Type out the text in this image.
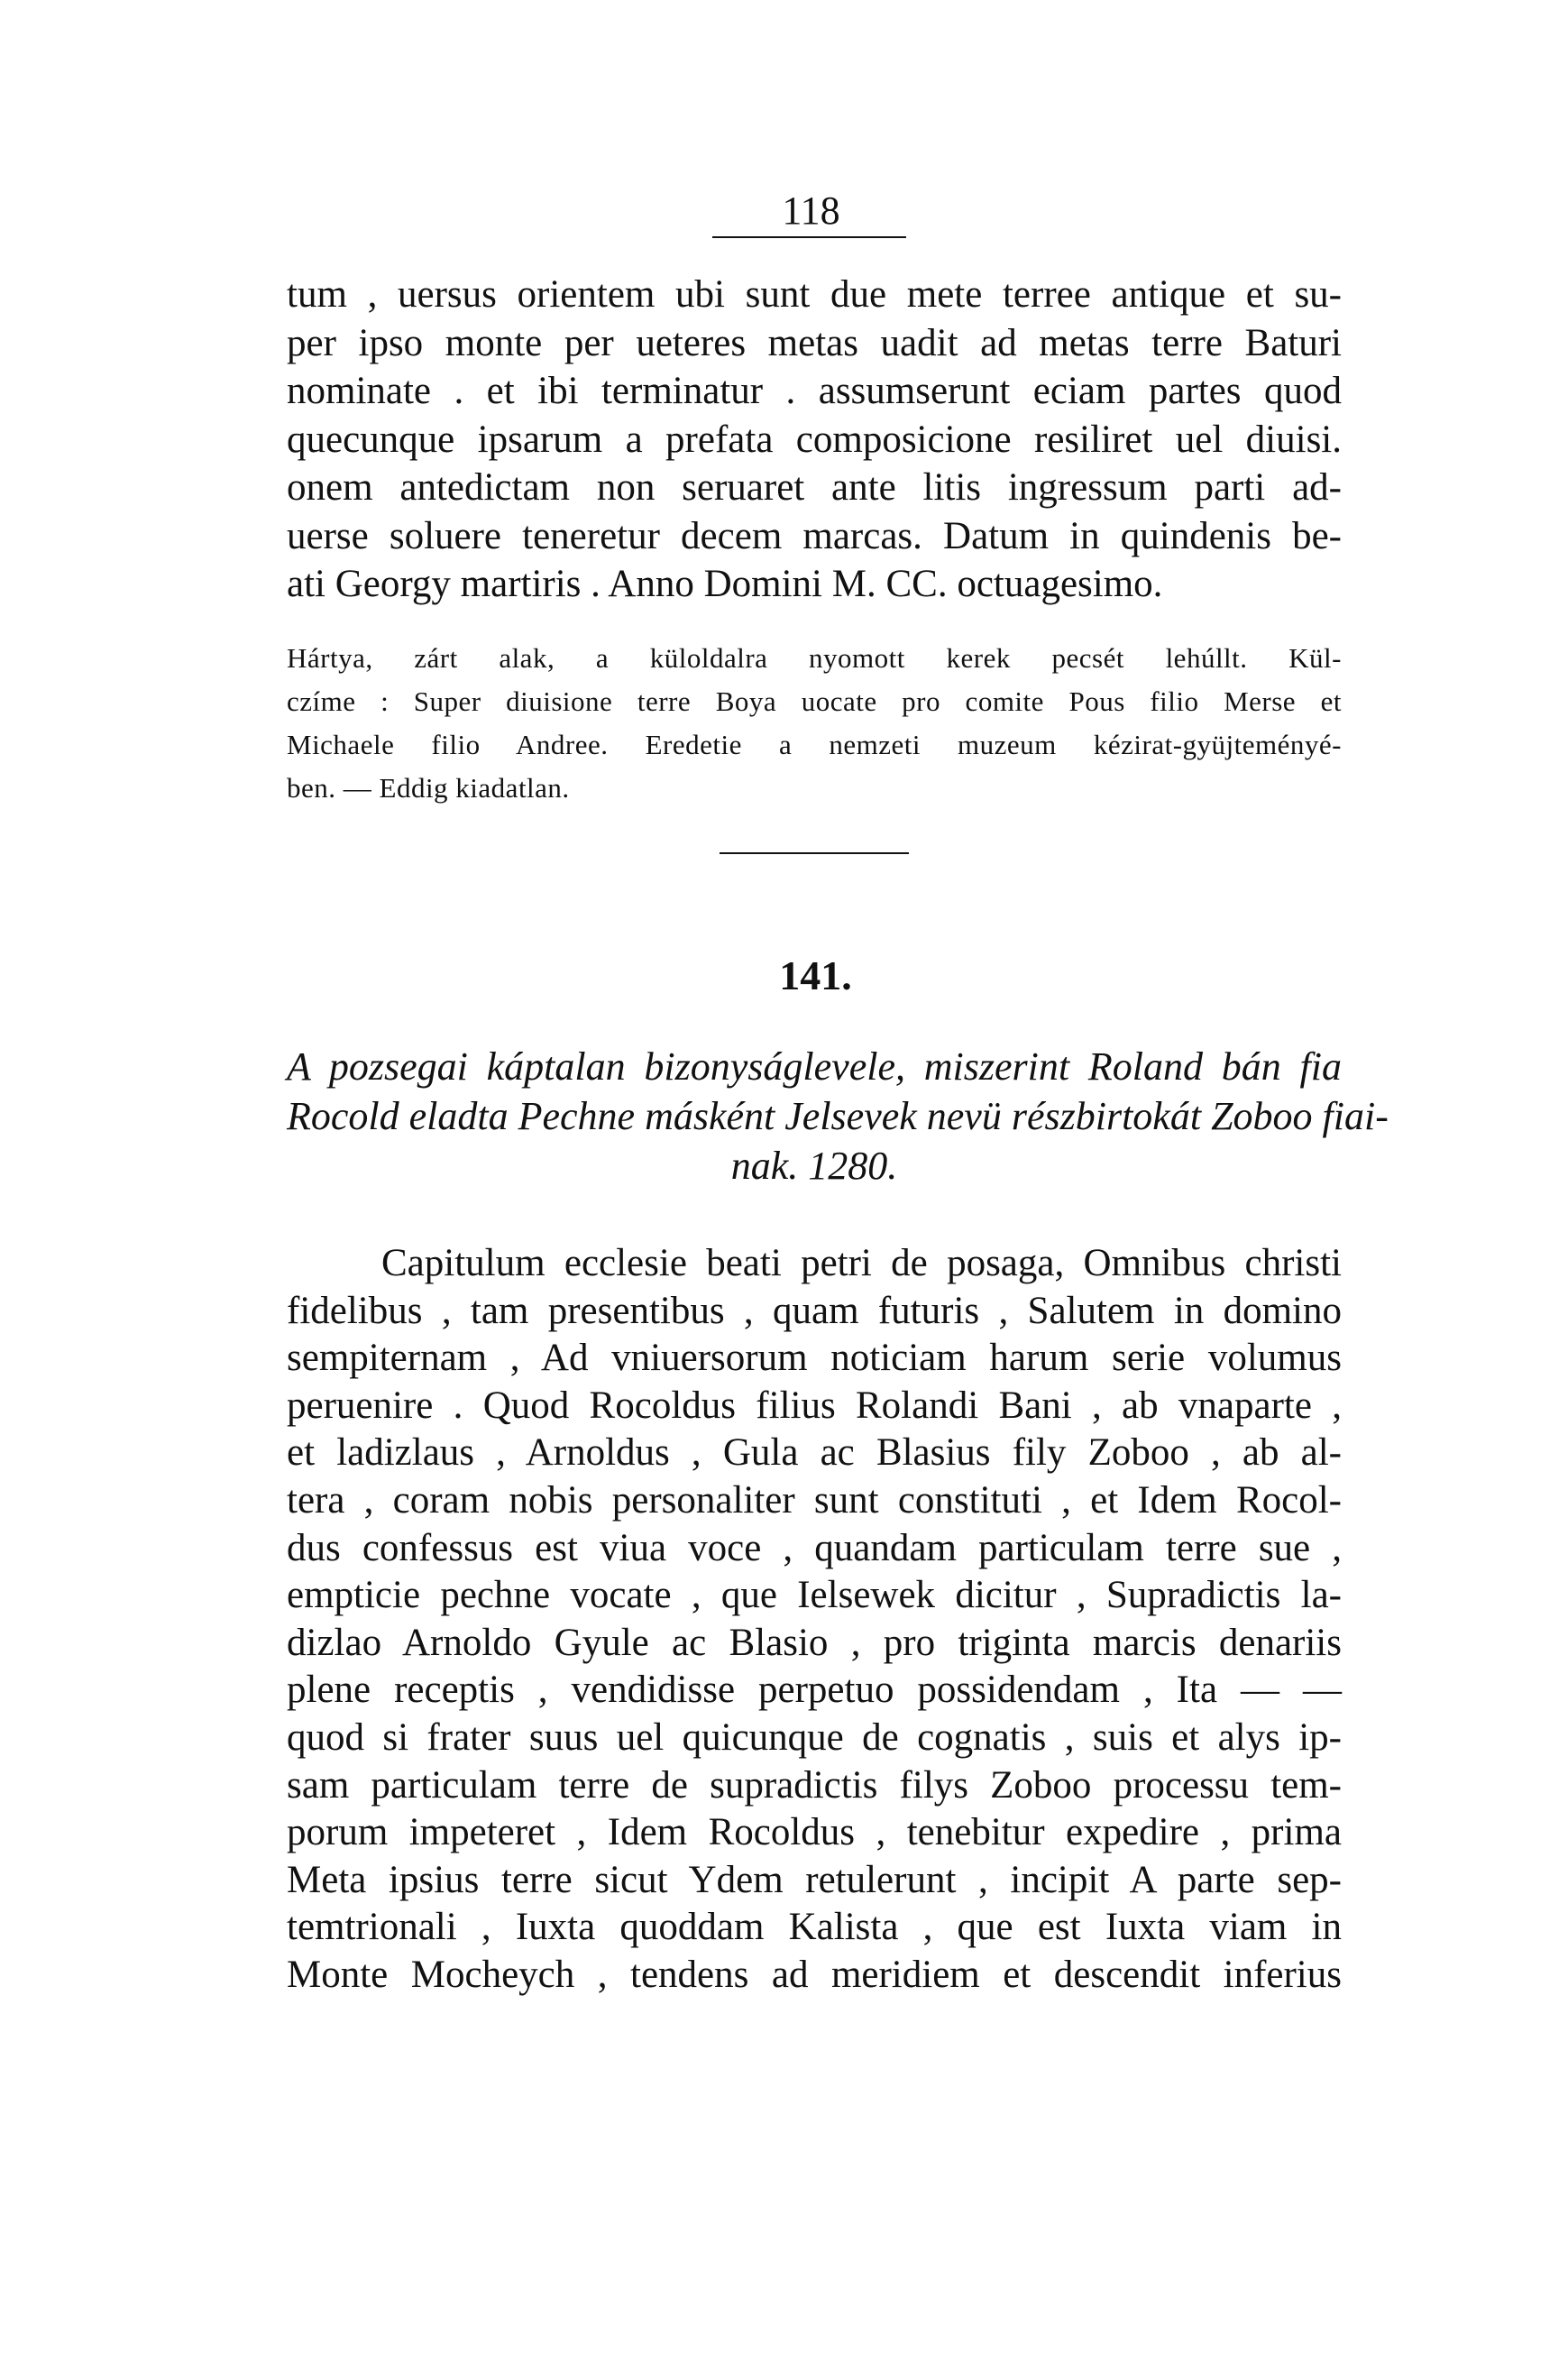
118
tum , uersus orientem ubi sunt due mete terree antique et su-
per ipso monte per ueteres metas uadit ad metas terre Baturi
nominate . et ibi terminatur . assumserunt eciam partes quod
quecunque ipsarum a prefata composicione resiliret uel diuisi.
onem antedictam non seruaret ante litis ingressum parti ad-
uerse soluere teneretur decem marcas. Datum in quindenis be-
ati Georgy martiris . Anno Domini M. CC. octuagesimo.
Hártya, zárt alak, a küloldalra nyomott kerek pecsét lehúllt. Kül-
czíme : Super diuisione terre Boya uocate pro comite Pous filio Merse et
Michaele filio Andree. Eredetie a nemzeti muzeum kézirat-gyüjteményé-
ben. — Eddig kiadatlan.
141.
A pozsegai káptalan bizonyságlevele, miszerint Roland bán fia
Rocold eladta Pechne másként Jelsevek nevü részbirtokát Zoboo fiai-
nak. 1280.
Capitulum ecclesie beati petri de posaga, Omnibus christi
fidelibus , tam presentibus , quam futuris , Salutem in domino
sempiternam , Ad vniuersorum noticiam harum serie volumus
peruenire . Quod Rocoldus filius Rolandi Bani , ab vnaparte ,
et ladizlaus , Arnoldus , Gula ac Blasius fily Zoboo , ab al-
tera , coram nobis personaliter sunt constituti , et Idem Rocol-
dus confessus est viua voce , quandam particulam terre sue ,
empticie pechne vocate , que Ielsewek dicitur , Supradictis la-
dizlao Arnoldo Gyule ac Blasio , pro triginta marcis denariis
plene receptis , vendidisse perpetuo possidendam , Ita — —
quod si frater suus uel quicunque de cognatis , suis et alys ip-
sam particulam terre de supradictis filys Zoboo processu tem-
porum impeteret , Idem Rocoldus , tenebitur expedire , prima
Meta ipsius terre sicut Ydem retulerunt , incipit A parte sep-
temtrionali , Iuxta quoddam Kalista , que est Iuxta viam in
Monte Mocheych , tendens ad meridiem et descendit inferius
